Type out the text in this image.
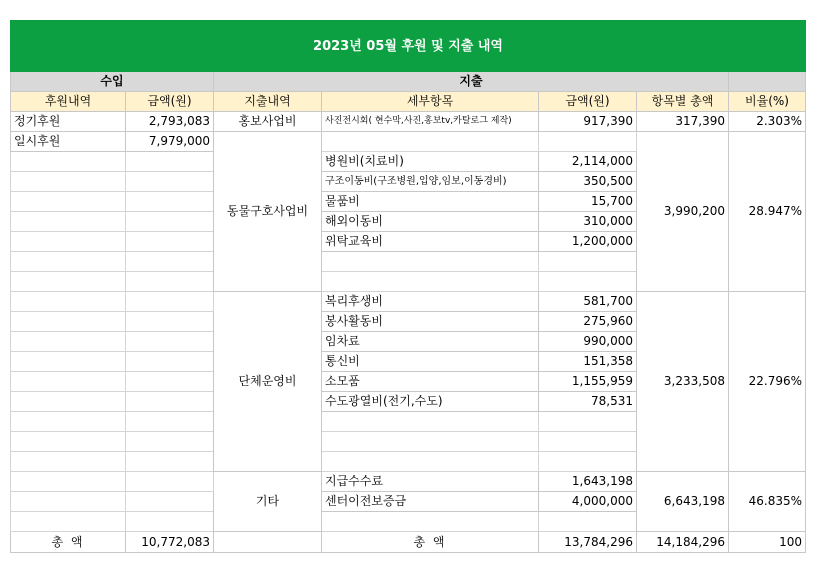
2023년 05월 후원 및 지출 내역						
수입		지출				
후원내역	금액(원)	지출내역	세부항목	금액(원)	항목별 총액	비율(%)
정기후원	2,793,083	홍보사업비	사진전시회( 현수막,사진,홍보tv,카탈로그 제작)	917,390	317,390	2.303%
일시후원	7,979,000	동물구호사업비			3,990,200	28.947%
			병원비(치료비)	2,114,000		
			구조이동비(구조병원,입양,임보,이동경비)	350,500		
			물품비	15,700		
			해외이동비	310,000		
			위탁교육비	1,200,000		

		단체운영비	복리후생비	581,700	3,233,508	22.796%
			봉사활동비	275,960		
			임차료	990,000		
			통신비	151,358		
			소모품	1,155,959		
			수도광열비(전기,수도)	78,531		

		기타	지급수수료	1,643,198	6,643,198	46.835%
			센터이전보증금	4,000,000		

총 액	10,772,083		총 액	13,784,296	14,184,296	100
